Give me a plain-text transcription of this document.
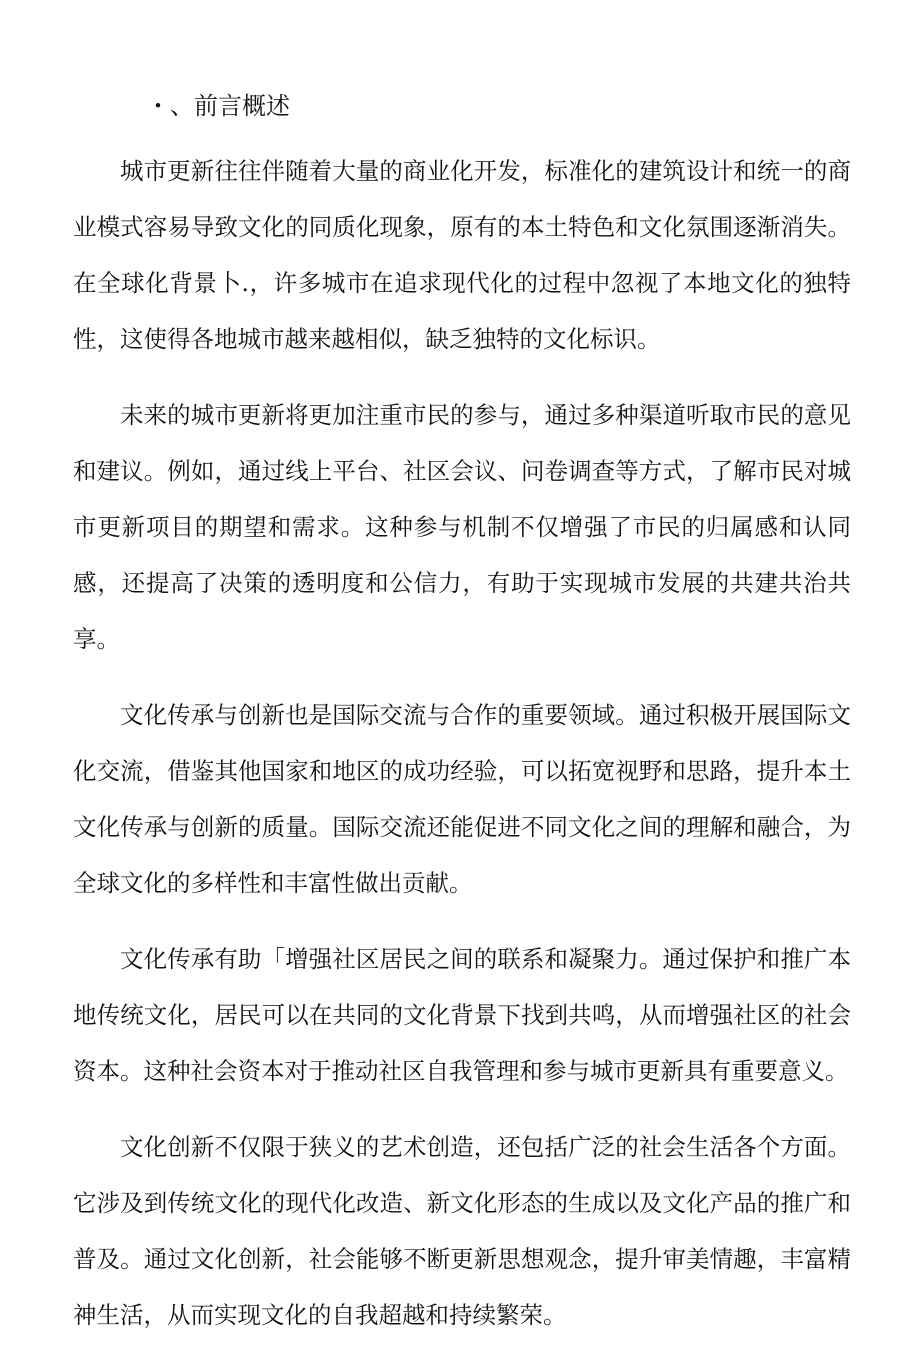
・、前言概述

城市更新往往伴随着大量的商业化开发，标准化的建筑设计和统一的商业模式容易导致文化的同质化现象，原有的本土特色和文化氛围逐渐消失。在全球化背景卜.，许多城市在追求现代化的过程中忽视了本地文化的独特性，这使得各地城市越来越相似，缺乏独特的文化标识。

未来的城市更新将更加注重市民的参与，通过多种渠道听取市民的意见和建议。例如，通过线上平台、社区会议、问卷调查等方式，了解市民对城市更新项目的期望和需求。这种参与机制不仅增强了市民的归属感和认同感，还提高了决策的透明度和公信力，有助于实现城市发展的共建共治共享。

文化传承与创新也是国际交流与合作的重要领域。通过积极开展国际文化交流，借鉴其他国家和地区的成功经验，可以拓宽视野和思路，提升本土文化传承与创新的质量。国际交流还能促进不同文化之间的理解和融合，为全球文化的多样性和丰富性做出贡献。

文化传承有助「增强社区居民之间的联系和凝聚力。通过保护和推广本地传统文化，居民可以在共同的文化背景下找到共鸣，从而增强社区的社会资本。这种社会资本对于推动社区自我管理和参与城市更新具有重要意义。

文化创新不仅限于狭义的艺术创造，还包括广泛的社会生活各个方面。它涉及到传统文化的现代化改造、新文化形态的生成以及文化产品的推广和普及。通过文化创新，社会能够不断更新思想观念，提升审美情趣，丰富精神生活，从而实现文化的自我超越和持续繁荣。
